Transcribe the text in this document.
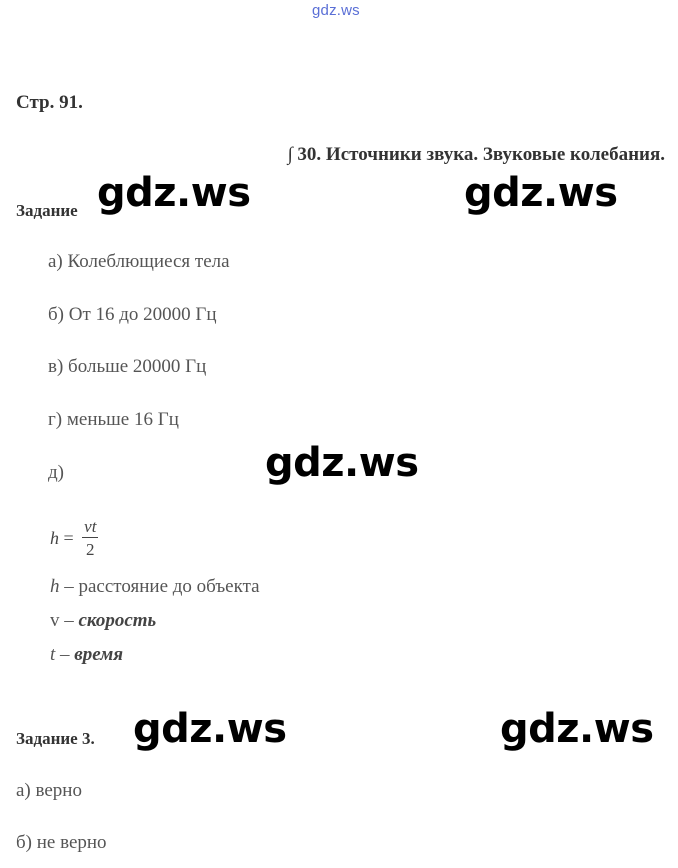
gdz.ws
Стр. 91.
∫ 30. Источники звука. Звуковые колебания.
Задание
а) Колеблющиеся тела
б) От 16 до 20000 Гц
в) больше 20000 Гц
г) меньше 16 Гц
д)
$h = \frac{vt}{2}$
h – расстояние до объекта
v – скорость
t – время
Задание 3.
а) верно
б) не верно
gdz.ws	gdz.ws
gdz.ws
gdz.ws	gdz.ws
